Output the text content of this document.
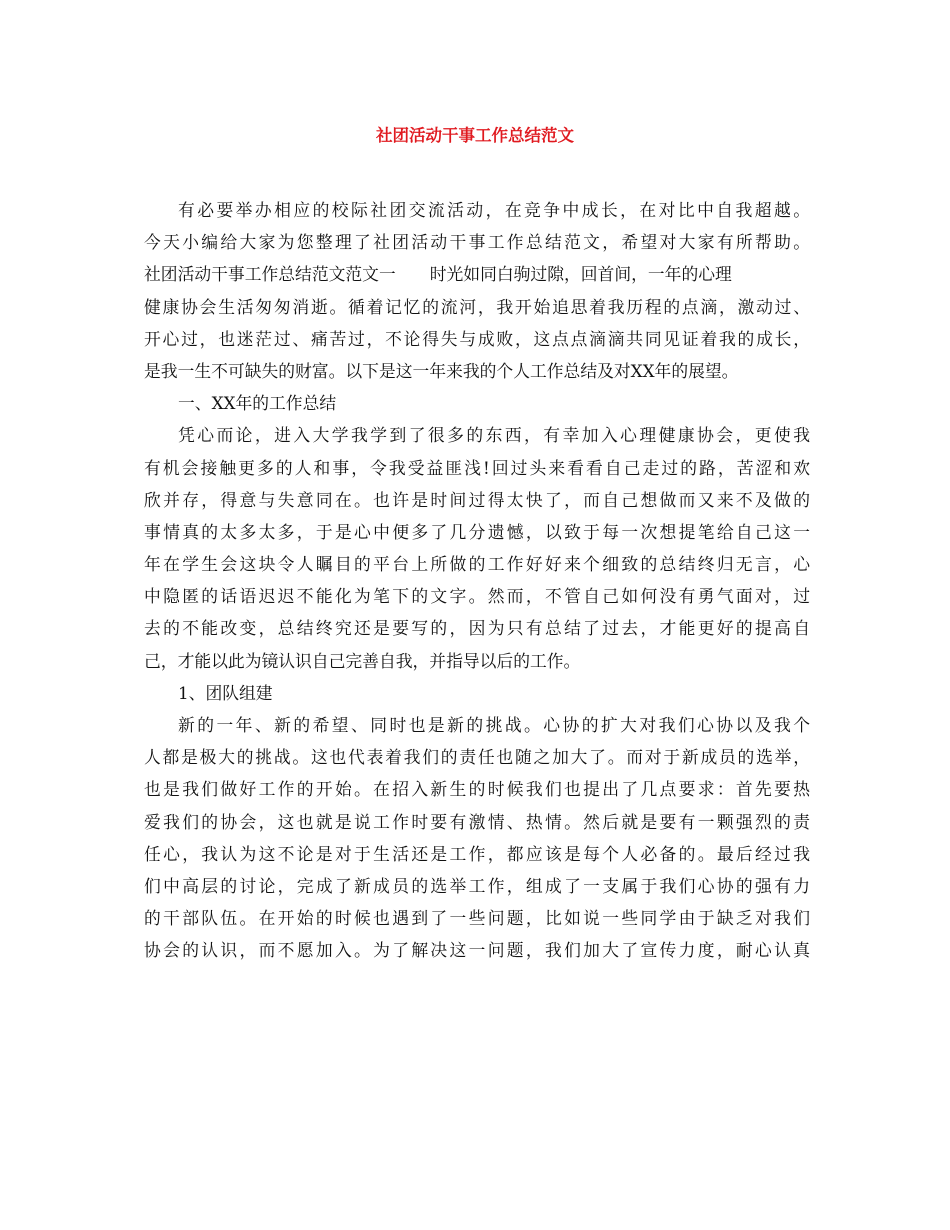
社团活动干事工作总结范文
有必要举办相应的校际社团交流活动，在竞争中成长，在对比中自我超越。
今天小编给大家为您整理了社团活动干事工作总结范文，希望对大家有所帮助。
社团活动干事工作总结范文范文一 时光如同白驹过隙，回首间，一年的心理
健康协会生活匆匆消逝。循着记忆的流河，我开始追思着我历程的点滴，激动过、
开心过，也迷茫过、痛苦过，不论得失与成败，这点点滴滴共同见证着我的成长，
是我一生不可缺失的财富。以下是这一年来我的个人工作总结及对XX年的展望。
一、XX年的工作总结
凭心而论，进入大学我学到了很多的东西，有幸加入心理健康协会，更使我
有机会接触更多的人和事，令我受益匪浅!回过头来看看自己走过的路，苦涩和欢
欣并存，得意与失意同在。也许是时间过得太快了，而自己想做而又来不及做的
事情真的太多太多，于是心中便多了几分遗憾，以致于每一次想提笔给自己这一
年在学生会这块令人瞩目的平台上所做的工作好好来个细致的总结终归无言，心
中隐匿的话语迟迟不能化为笔下的文字。然而，不管自己如何没有勇气面对，过
去的不能改变，总结终究还是要写的，因为只有总结了过去，才能更好的提高自
己，才能以此为镜认识自己完善自我，并指导以后的工作。
1、团队组建
新的一年、新的希望、同时也是新的挑战。心协的扩大对我们心协以及我个
人都是极大的挑战。这也代表着我们的责任也随之加大了。而对于新成员的选举，
也是我们做好工作的开始。在招入新生的时候我们也提出了几点要求：首先要热
爱我们的协会，这也就是说工作时要有激情、热情。然后就是要有一颗强烈的责
任心，我认为这不论是对于生活还是工作，都应该是每个人必备的。最后经过我
们中高层的讨论，完成了新成员的选举工作，组成了一支属于我们心协的强有力
的干部队伍。在开始的时候也遇到了一些问题，比如说一些同学由于缺乏对我们
协会的认识，而不愿加入。为了解决这一问题，我们加大了宣传力度，耐心认真
